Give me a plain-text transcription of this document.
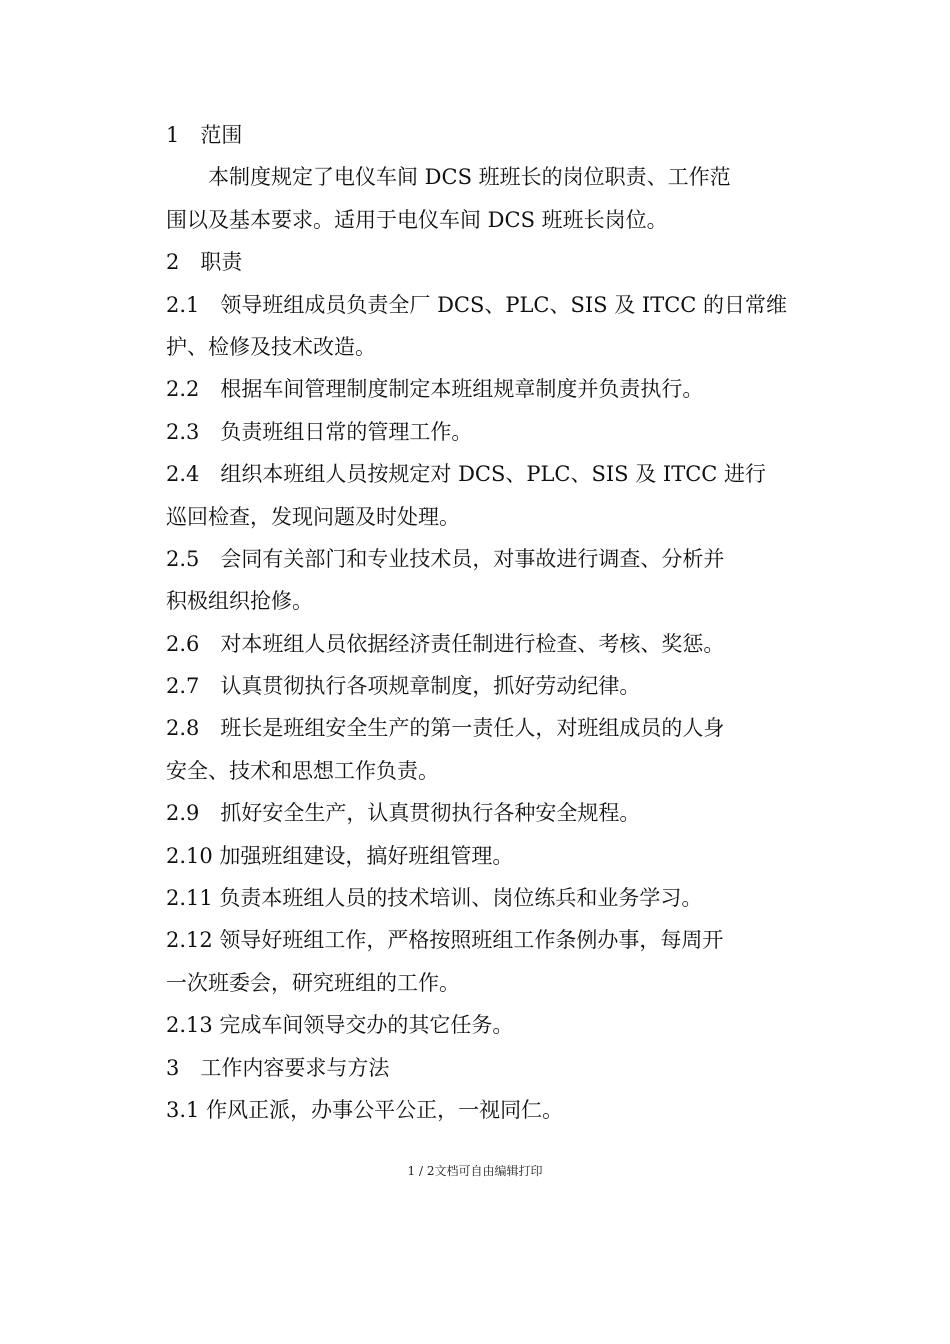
1　范围
本制度规定了电仪车间 DCS 班班长的岗位职责、工作范
围以及基本要求。适用于电仪车间 DCS 班班长岗位。
2　职责
2.1　领导班组成员负责全厂 DCS、PLC、SIS 及 ITCC 的日常维
护、检修及技术改造。
2.2　根据车间管理制度制定本班组规章制度并负责执行。
2.3　负责班组日常的管理工作。
2.4　组织本班组人员按规定对 DCS、PLC、SIS 及 ITCC 进行
巡回检查，发现问题及时处理。
2.5　会同有关部门和专业技术员，对事故进行调查、分析并
积极组织抢修。
2.6　对本班组人员依据经济责任制进行检查、考核、奖惩。
2.7　认真贯彻执行各项规章制度，抓好劳动纪律。
2.8　班长是班组安全生产的第一责任人，对班组成员的人身
安全、技术和思想工作负责。
2.9　抓好安全生产，认真贯彻执行各种安全规程。
2.10 加强班组建设，搞好班组管理。
2.11 负责本班组人员的技术培训、岗位练兵和业务学习。
2.12 领导好班组工作，严格按照班组工作条例办事，每周开
一次班委会，研究班组的工作。
2.13 完成车间领导交办的其它任务。
3　工作内容要求与方法
3.1 作风正派，办事公平公正，一视同仁。
1 / 2文档可自由编辑打印
